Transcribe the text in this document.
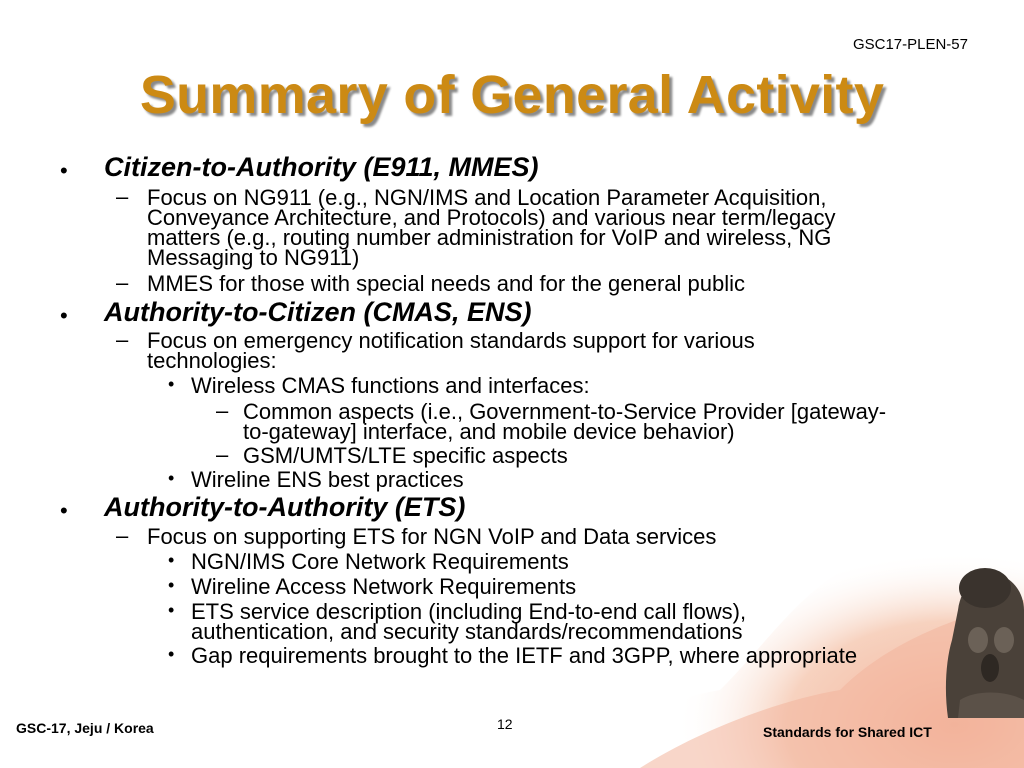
GSC17-PLEN-57
Summary of General Activity
• Citizen-to-Authority (E911, MMES)
– Focus on NG911 (e.g., NGN/IMS and Location Parameter Acquisition,
Conveyance Architecture, and Protocols) and various near term/legacy
matters (e.g., routing number administration for VoIP and wireless, NG
Messaging to NG911)
– MMES for those with special needs and for the general public
• Authority-to-Citizen (CMAS, ENS)
– Focus on emergency notification standards support for various
technologies:
• Wireless CMAS functions and interfaces:
– Common aspects (i.e., Government-to-Service Provider [gateway-
to-gateway] interface, and mobile device behavior)
– GSM/UMTS/LTE specific aspects
• Wireline ENS best practices
• Authority-to-Authority (ETS)
– Focus on supporting ETS for NGN VoIP and Data services
• NGN/IMS Core Network Requirements
• Wireline Access Network Requirements
• ETS service description (including End-to-end call flows),
authentication, and security standards/recommendations
• Gap requirements brought to the IETF and 3GPP, where appropriate
GSC-17, Jeju / Korea	12	Standards for Shared ICT
